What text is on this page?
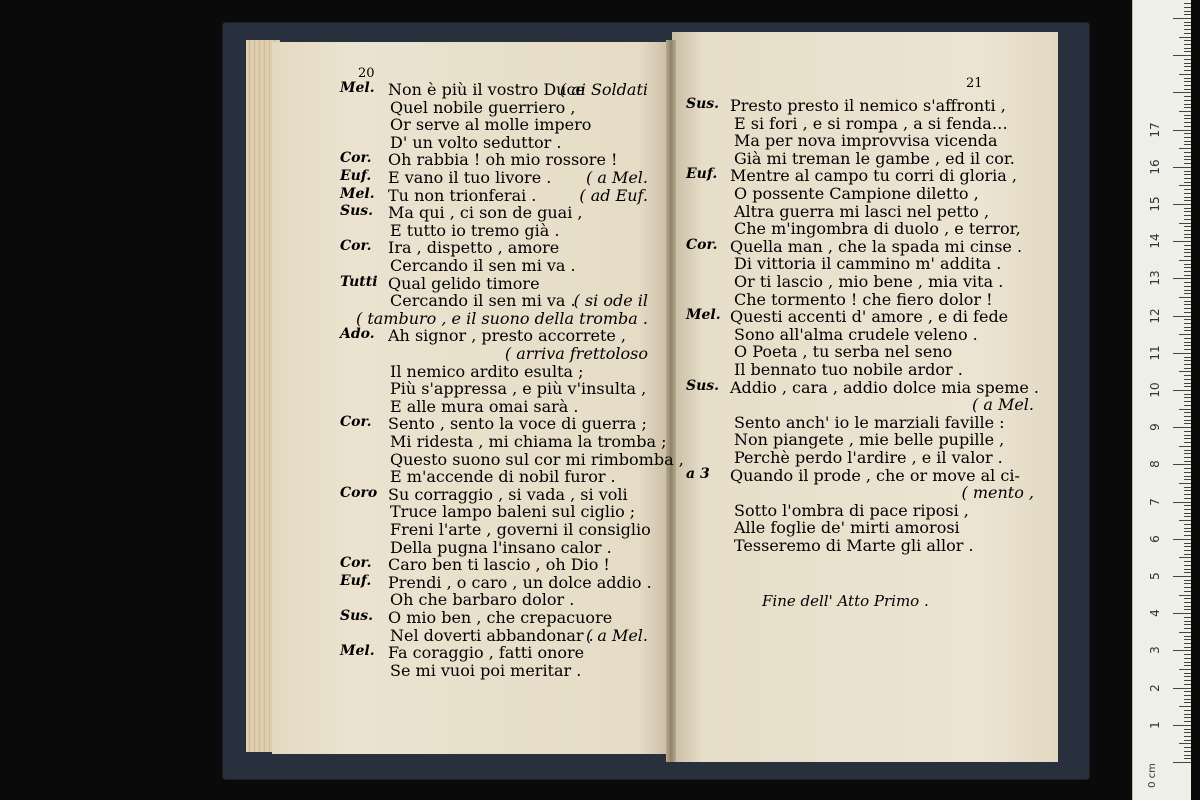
20
21
Mel. Non è più il vostro Duce
( ai Soldati
Quel nobile guerriero ,
Or serve al molle impero
D' un volto seduttor .
Cor. Oh rabbia ! oh mio rossore !
Euf. E vano il tuo livore . ( a Mel.
Mel. Tu non trionferai .	( ad Euf.
Sus. Ma qui , ci son de guai ,
E tutto io tremo già .
Cor. Ira , dispetto , amore
Cercando il sen mi va .
Tutti Qual gelido timore
Cercando il sen mi va .
( si ode il
( tamburo , e il suono della tromba .
Ado. Ah signor , presto accorrete ,
( arriva frettoloso
Il nemico ardito esulta ;
Più s'appressa , e più v'insulta ,
E alle mura omai sarà .
Cor. Sento , sento la voce di guerra ;
Mi ridesta , mi chiama la tromba ;
Questo suono sul cor mi rimbomba ,
E m'accende di nobil furor .
Coro Su corraggio , si vada , si voli
Truce lampo baleni sul ciglio ;
Freni l'arte , governi il consiglio
Della pugna l'insano calor .
Cor. Caro ben ti lascio , oh Dio !
Euf. Prendi , o caro , un dolce addio .
Oh che barbaro dolor .
Sus. O mio ben , che crepacuore
Nel doverti abbandonar .
( a Mel.
Mel. Fa coraggio , fatti onore
Se mi vuoi poi meritar .
Sus. Presto presto il nemico s'affronti ,
E si fori , e si rompa , a si fenda…
Ma per nova improvvisa vicenda
Già mi treman le gambe , ed il cor.
Euf. Mentre al campo tu corri di gloria ,
O possente Campione diletto ,
Altra guerra mi lasci nel petto ,
Che m'ingombra di duolo , e terror,
Cor. Quella man , che la spada mi cinse .
Di vittoria il cammino m' addita .
Or ti lascio , mio bene , mia vita .
Che tormento ! che fiero dolor !
Mel. Questi accenti d' amore , e di fede
Sono all'alma crudele veleno .
O Poeta , tu serba nel seno
Il bennato tuo nobile ardor .
Sus. Addio , cara , addio dolce mia speme .
( a Mel.
Sento anch' io le marziali faville :
Non piangete , mie belle pupille ,
Perchè perdo l'ardire , e il valor .
a 3 Quando il prode , che or move al ci-
( mento ,
Sotto l'ombra di pace riposi ,
Alle foglie de' mirti amorosi
Tesseremo di Marte gli allor .
Fine dell' Atto Primo .
0 cm
1
2
3
4
5
6
7
8
9
10
11
12
13
14
15
16
17
